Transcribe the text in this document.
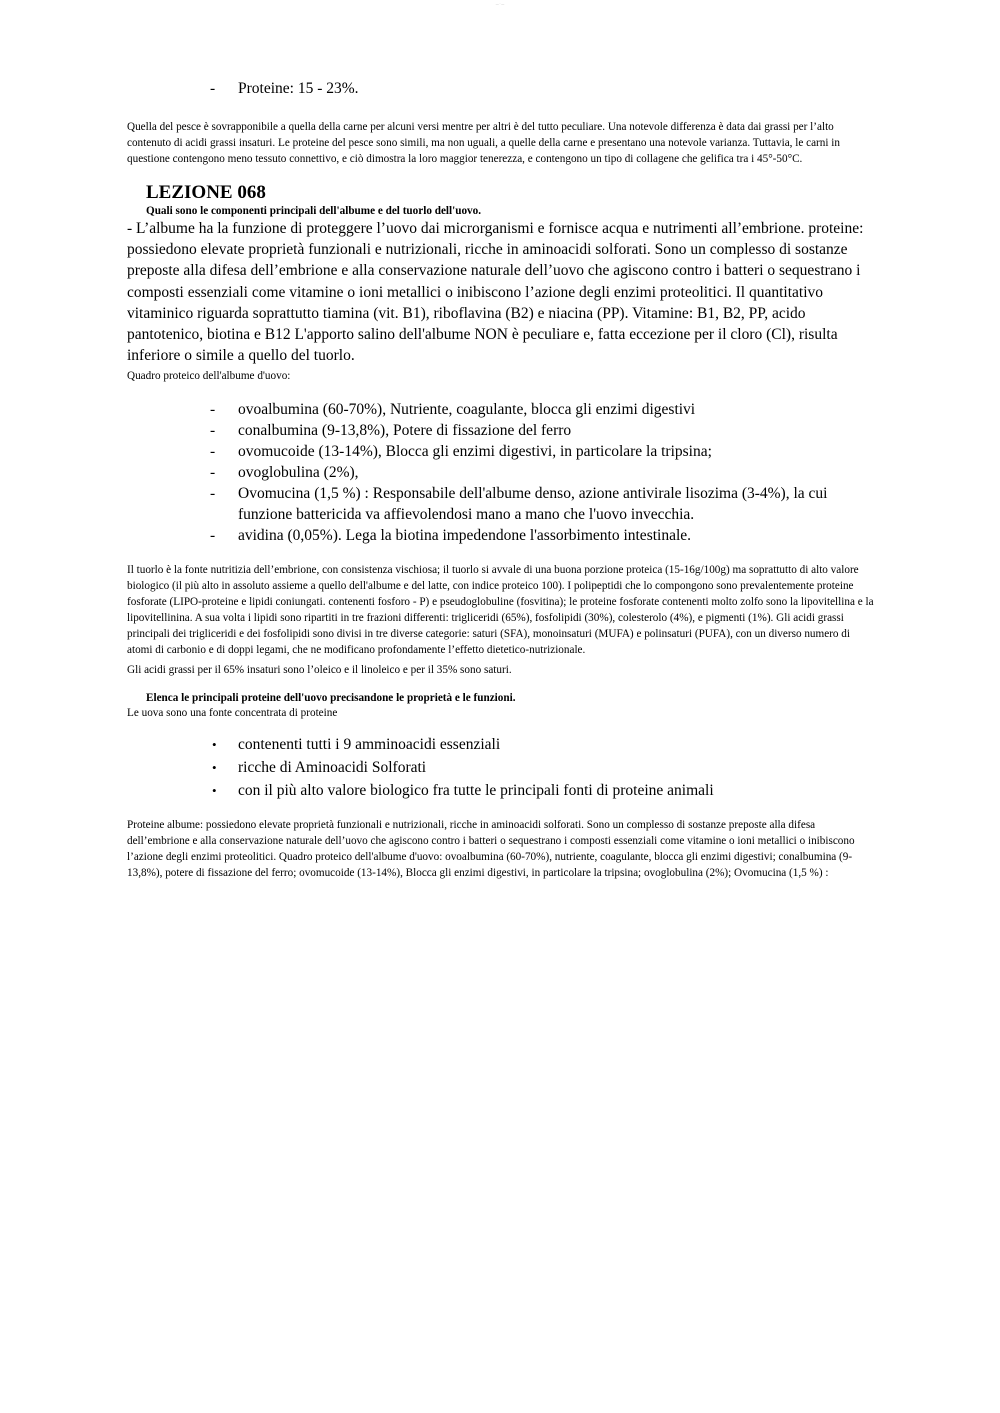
— · —
- Proteine: 15 - 23%.

Quella del pesce è sovrapponibile a quella della carne per alcuni versi mentre per altri è del tutto peculiare. Una notevole differenza è data dai grassi per l’alto contenuto di acidi grassi insaturi. Le proteine del pesce sono simili, ma non uguali, a quelle della carne e presentano una notevole varianza. Tuttavia, le carni in questione contengono meno tessuto connettivo, e ciò dimostra la loro maggior tenerezza, e contengono un tipo di collagene che gelifica tra i 45°-50°C.

LEZIONE 068

Quali sono le componenti principali dell'albume e del tuorlo dell'uovo.

- L’albume ha la funzione di proteggere l’uovo dai microrganismi e fornisce acqua e nutrimenti all’embrione. proteine: possiedono elevate proprietà funzionali e nutrizionali, ricche in aminoacidi solforati. Sono un complesso di sostanze preposte alla difesa dell’embrione e alla conservazione naturale dell’uovo che agiscono contro i batteri o sequestrano i composti essenziali come vitamine o ioni metallici o inibiscono l’azione degli enzimi proteolitici. Il quantitativo vitaminico riguarda soprattutto tiamina (vit. B1), riboflavina (B2) e niacina (PP). Vitamine: B1, B2, PP, acido pantotenico, biotina e B12 L'apporto salino dell'albume NON è peculiare e, fatta eccezione per il cloro (Cl), risulta inferiore o simile a quello del tuorlo.

Quadro proteico dell'albume d'uovo:

- ovoalbumina (60-70%), Nutriente, coagulante, blocca gli enzimi digestivi
- conalbumina (9-13,8%), Potere di fissazione del ferro
- ovomucoide (13-14%), Blocca gli enzimi digestivi, in particolare la tripsina;
- ovoglobulina (2%),
- Ovomucina (1,5 %) : Responsabile dell'albume denso, azione antivirale lisozima (3-4%), la cui funzione battericida va affievolendosi mano a mano che l'uovo invecchia.
- avidina (0,05%). Lega la biotina impedendone l'assorbimento intestinale.

Il tuorlo è la fonte nutritizia dell’embrione, con consistenza vischiosa; il tuorlo si avvale di una buona porzione proteica (15-16g/100g) ma soprattutto di alto valore biologico (il più alto in assoluto assieme a quello dell'albume e del latte, con indice proteico 100). I polipeptidi che lo compongono sono prevalentemente proteine fosforate (LIPO-proteine e lipidi coniungati. contenenti fosforo - P) e pseudoglobuline (fosvitina); le proteine fosforate contenenti molto zolfo sono la lipovitellina e la lipovitellinina. A sua volta i lipidi sono ripartiti in tre frazioni differenti: trigliceridi (65%), fosfolipidi (30%), colesterolo (4%), e pigmenti (1%). Gli acidi grassi principali dei trigliceridi e dei fosfolipidi sono divisi in tre diverse categorie: saturi (SFA), monoinsaturi (MUFA) e polinsaturi (PUFA), con un diverso numero di atomi di carbonio e di doppi legami, che ne modificano profondamente l’effetto dietetico-nutrizionale.

Gli acidi grassi per il 65% insaturi sono l’oleico e il linoleico e per il 35% sono saturi.

Elenca le principali proteine dell'uovo precisandone le proprietà e le funzioni.

Le uova sono una fonte concentrata di proteine

• contenenti tutti i 9 amminoacidi essenziali
• ricche di Aminoacidi Solforati
• con il più alto valore biologico fra tutte le principali fonti di proteine animali

Proteine albume: possiedono elevate proprietà funzionali e nutrizionali, ricche in aminoacidi solforati. Sono un complesso di sostanze preposte alla difesa dell’embrione e alla conservazione naturale dell’uovo che agiscono contro i batteri o sequestrano i composti essenziali come vitamine o ioni metallici o inibiscono l’azione degli enzimi proteolitici. Quadro proteico dell'albume d'uovo: ovoalbumina (60-70%), nutriente, coagulante, blocca gli enzimi digestivi; conalbumina (9-13,8%), potere di fissazione del ferro; ovomucoide (13-14%), Blocca gli enzimi digestivi, in particolare la tripsina; ovoglobulina (2%); Ovomucina (1,5 %) :
